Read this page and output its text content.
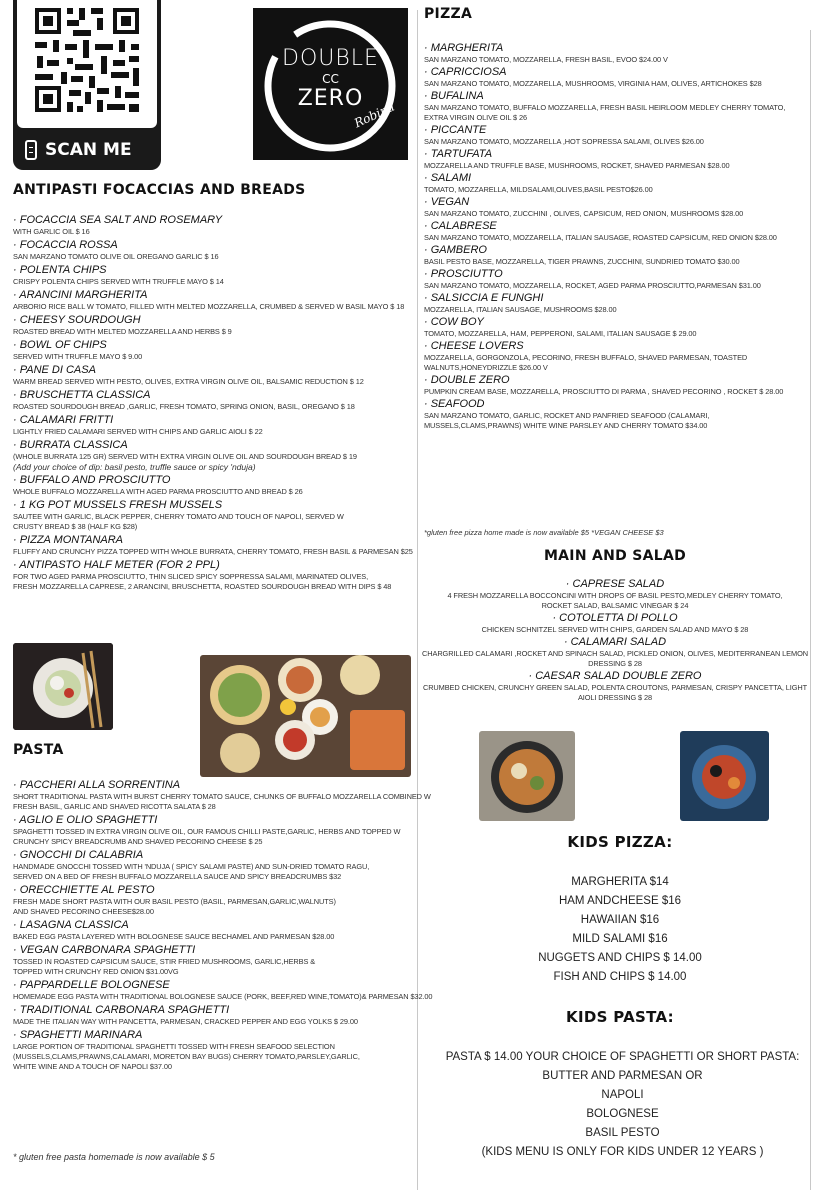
SCAN ME
DOUBLE
CC
ZERO
Robina
ANTIPASTI FOCACCIAS AND BREADS
· FOCACCIA SEA SALT AND ROSEMARY
WITH GARLIC OIL $ 16
· FOCACCIA ROSSA
SAN MARZANO TOMATO OLIVE OIL OREGANO GARLIC $ 16
· POLENTA CHIPS
CRISPY POLENTA CHIPS SERVED WITH TRUFFLE MAYO $ 14
· ARANCINI MARGHERITA
ARBORIO RICE BALL W TOMATO, FILLED WITH MELTED MOZZARELLA, CRUMBED & SERVED W BASIL MAYO $ 18
· CHEESY SOURDOUGH
ROASTED BREAD WITH MELTED MOZZARELLA AND HERBS $ 9
· BOWL OF CHIPS
SERVED WITH TRUFFLE MAYO $ 9.00
· PANE DI CASA
WARM BREAD SERVED WITH PESTO, OLIVES, EXTRA VIRGIN OLIVE OIL, BALSAMIC REDUCTION $ 12
· BRUSCHETTA CLASSICA
ROASTED SOURDOUGH BREAD ,GARLIC, FRESH TOMATO, SPRING ONION, BASIL, OREGANO $ 18
· CALAMARI FRITTI
LIGHTLY FRIED CALAMARI SERVED WITH CHIPS AND GARLIC AIOLI $ 22
· BURRATA CLASSICA
(WHOLE BURRATA 125 GR) SERVED WITH EXTRA VIRGIN OLIVE OIL AND SOURDOUGH BREAD $ 19
(Add your choice of dip: basil pesto, truffle sauce or spicy 'nduja)
· BUFFALO AND PROSCIUTTO
WHOLE BUFFALO MOZZARELLA WITH AGED PARMA PROSCIUTTO AND BREAD $ 26
· 1 KG POT MUSSELS FRESH MUSSELS
SAUTEE WITH GARLIC, BLACK PEPPER, CHERRY TOMATO AND TOUCH OF NAPOLI, SERVED W
CRUSTY BREAD $ 38 (HALF KG $28)
· PIZZA MONTANARA
FLUFFY AND CRUNCHY PIZZA TOPPED WITH WHOLE BURRATA, CHERRY TOMATO, FRESH BASIL & PARMESAN $25
· ANTIPASTO HALF METER (FOR 2 PPL)
FOR TWO AGED PARMA PROSCIUTTO, THIN SLICED SPICY SOPPRESSA SALAMI, MARINATED OLIVES,
FRESH MOZZARELLA CAPRESE, 2 ARANCINI, BRUSCHETTA, ROASTED SOURDOUGH BREAD WITH DIPS $ 48
PASTA
· PACCHERI ALLA SORRENTINA
SHORT TRADITIONAL PASTA WITH BURST CHERRY TOMATO SAUCE, CHUNKS OF BUFFALO MOZZARELLA COMBINED W
FRESH BASIL, GARLIC AND SHAVED RICOTTA SALATA $ 28
· AGLIO E OLIO SPAGHETTI
SPAGHETTI TOSSED IN EXTRA VIRGIN OLIVE OIL, OUR FAMOUS CHILLI PASTE,GARLIC, HERBS AND TOPPED W
CRUNCHY SPICY BREADCRUMB AND SHAVED PECORINO CHEESE $ 25
· GNOCCHI DI CALABRIA
HANDMADE GNOCCHI TOSSED WITH 'NDUJA ( SPICY SALAMI PASTE) AND SUN-DRIED TOMATO RAGU,
SERVED ON A BED OF FRESH BUFFALO MOZZARELLA SAUCE AND SPICY BREADCRUMBS $32
· ORECCHIETTE AL PESTO
FRESH MADE SHORT PASTA WITH OUR BASIL PESTO (BASIL, PARMESAN,GARLIC,WALNUTS)
AND SHAVED PECORINO CHEESE$28.00
· LASAGNA CLASSICA
BAKED EGG PASTA LAYERED WITH BOLOGNESE SAUCE BECHAMEL AND PARMESAN $28.00
· VEGAN CARBONARA SPAGHETTI
TOSSED IN ROASTED CAPSICUM SAUCE, STIR FRIED MUSHROOMS, GARLIC,HERBS &
TOPPED WITH CRUNCHY RED ONION $31.00VG
· PAPPARDELLE BOLOGNESE
HOMEMADE EGG PASTA WITH TRADITIONAL BOLOGNESE SAUCE (PORK, BEEF,RED WINE,TOMATO)& PARMESAN $32.00
· TRADITIONAL CARBONARA SPAGHETTI
MADE THE ITALIAN WAY WITH PANCETTA, PARMESAN, CRACKED PEPPER AND EGG YOLKS $ 29.00
· SPAGHETTI MARINARA
LARGE PORTION OF TRADITIONAL SPAGHETTI TOSSED WITH FRESH SEAFOOD SELECTION
(MUSSELS,CLAMS,PRAWNS,CALAMARI, MORETON BAY BUGS) CHERRY TOMATO,PARSLEY,GARLIC,
WHITE WINE AND A TOUCH OF NAPOLI $37.00
* gluten free pasta homemade is now available $ 5
PIZZA
· MARGHERITA
SAN MARZANO TOMATO, MOZZARELLA, FRESH BASIL, EVOO $24.00 V
· CAPRICCIOSA
SAN MARZANO TOMATO, MOZZARELLA, MUSHROOMS, VIRGINIA HAM, OLIVES, ARTICHOKES $28
· BUFALINA
SAN MARZANO TOMATO, BUFFALO MOZZARELLA, FRESH BASIL HEIRLOOM MEDLEY CHERRY TOMATO,
EXTRA VIRGIN OLIVE OIL $ 26
· PICCANTE
SAN MARZANO TOMATO, MOZZARELLA ,HOT SOPRESSA SALAMI, OLIVES $26.00
· TARTUFATA
MOZZARELLA AND TRUFFLE BASE, MUSHROOMS, ROCKET, SHAVED PARMESAN $28.00
· SALAMI
TOMATO, MOZZARELLA, MILDSALAMI,OLIVES,BASIL PESTO$26.00
· VEGAN
SAN MARZANO TOMATO, ZUCCHINI , OLIVES, CAPSICUM, RED ONION, MUSHROOMS $28.00
· CALABRESE
SAN MARZANO TOMATO, MOZZARELLA, ITALIAN SAUSAGE, ROASTED CAPSICUM, RED ONION $28.00
· GAMBERO
BASIL PESTO BASE, MOZZARELLA, TIGER PRAWNS, ZUCCHINI, SUNDRIED TOMATO $30.00
· PROSCIUTTO
SAN MARZANO TOMATO, MOZZARELLA, ROCKET, AGED PARMA PROSCIUTTO,PARMESAN $31.00
· SALSICCIA E FUNGHI
MOZZARELLA, ITALIAN SAUSAGE, MUSHROOMS $28.00
· COW BOY
TOMATO, MOZZARELLA, HAM, PEPPERONI, SALAMI, ITALIAN SAUSAGE $ 29.00
· CHEESE LOVERS
MOZZARELLA, GORGONZOLA, PECORINO, FRESH BUFFALO, SHAVED PARMESAN, TOASTED WALNUTS,HONEYDRIZZLE $26.00 V
· DOUBLE ZERO
PUMPKIN CREAM BASE, MOZZARELLA, PROSCIUTTO DI PARMA , SHAVED PECORINO , ROCKET $ 28.00
· SEAFOOD
SAN MARZANO TOMATO, GARLIC, ROCKET AND PANFRIED SEAFOOD (CALAMARI,
MUSSELS,CLAMS,PRAWNS) WHITE WINE PARSLEY AND CHERRY TOMATO $34.00
*gluten free pizza home made is now available $5 *VEGAN CHEESE $3
MAIN AND SALAD
· CAPRESE SALAD
4 FRESH MOZZARELLA BOCCONCINI WITH DROPS OF BASIL PESTO,MEDLEY CHERRY TOMATO,
ROCKET SALAD, BALSAMIC VINEGAR $ 24
· COTOLETTA DI POLLO
CHICKEN SCHNITZEL SERVED WITH CHIPS, GARDEN SALAD AND MAYO $ 28
· CALAMARI SALAD
CHARGRILLED CALAMARI ,ROCKET AND SPINACH SALAD, PICKLED ONION, OLIVES, MEDITERRANEAN LEMON
DRESSING $ 28
· CAESAR SALAD DOUBLE ZERO
CRUMBED CHICKEN, CRUNCHY GREEN SALAD, POLENTA CROUTONS, PARMESAN, CRISPY PANCETTA, LIGHT
AIOLI DRESSING $ 28
KIDS PIZZA:
MARGHERITA $14
HAM ANDCHEESE $16
HAWAIIAN $16
MILD SALAMI $16
NUGGETS AND CHIPS $ 14.00
FISH AND CHIPS $ 14.00
KIDS PASTA:
PASTA $ 14.00 YOUR CHOICE OF SPAGHETTI OR SHORT PASTA:
BUTTER AND PARMESAN OR
NAPOLI
BOLOGNESE
BASIL PESTO
(KIDS MENU IS ONLY FOR KIDS UNDER 12 YEARS )
